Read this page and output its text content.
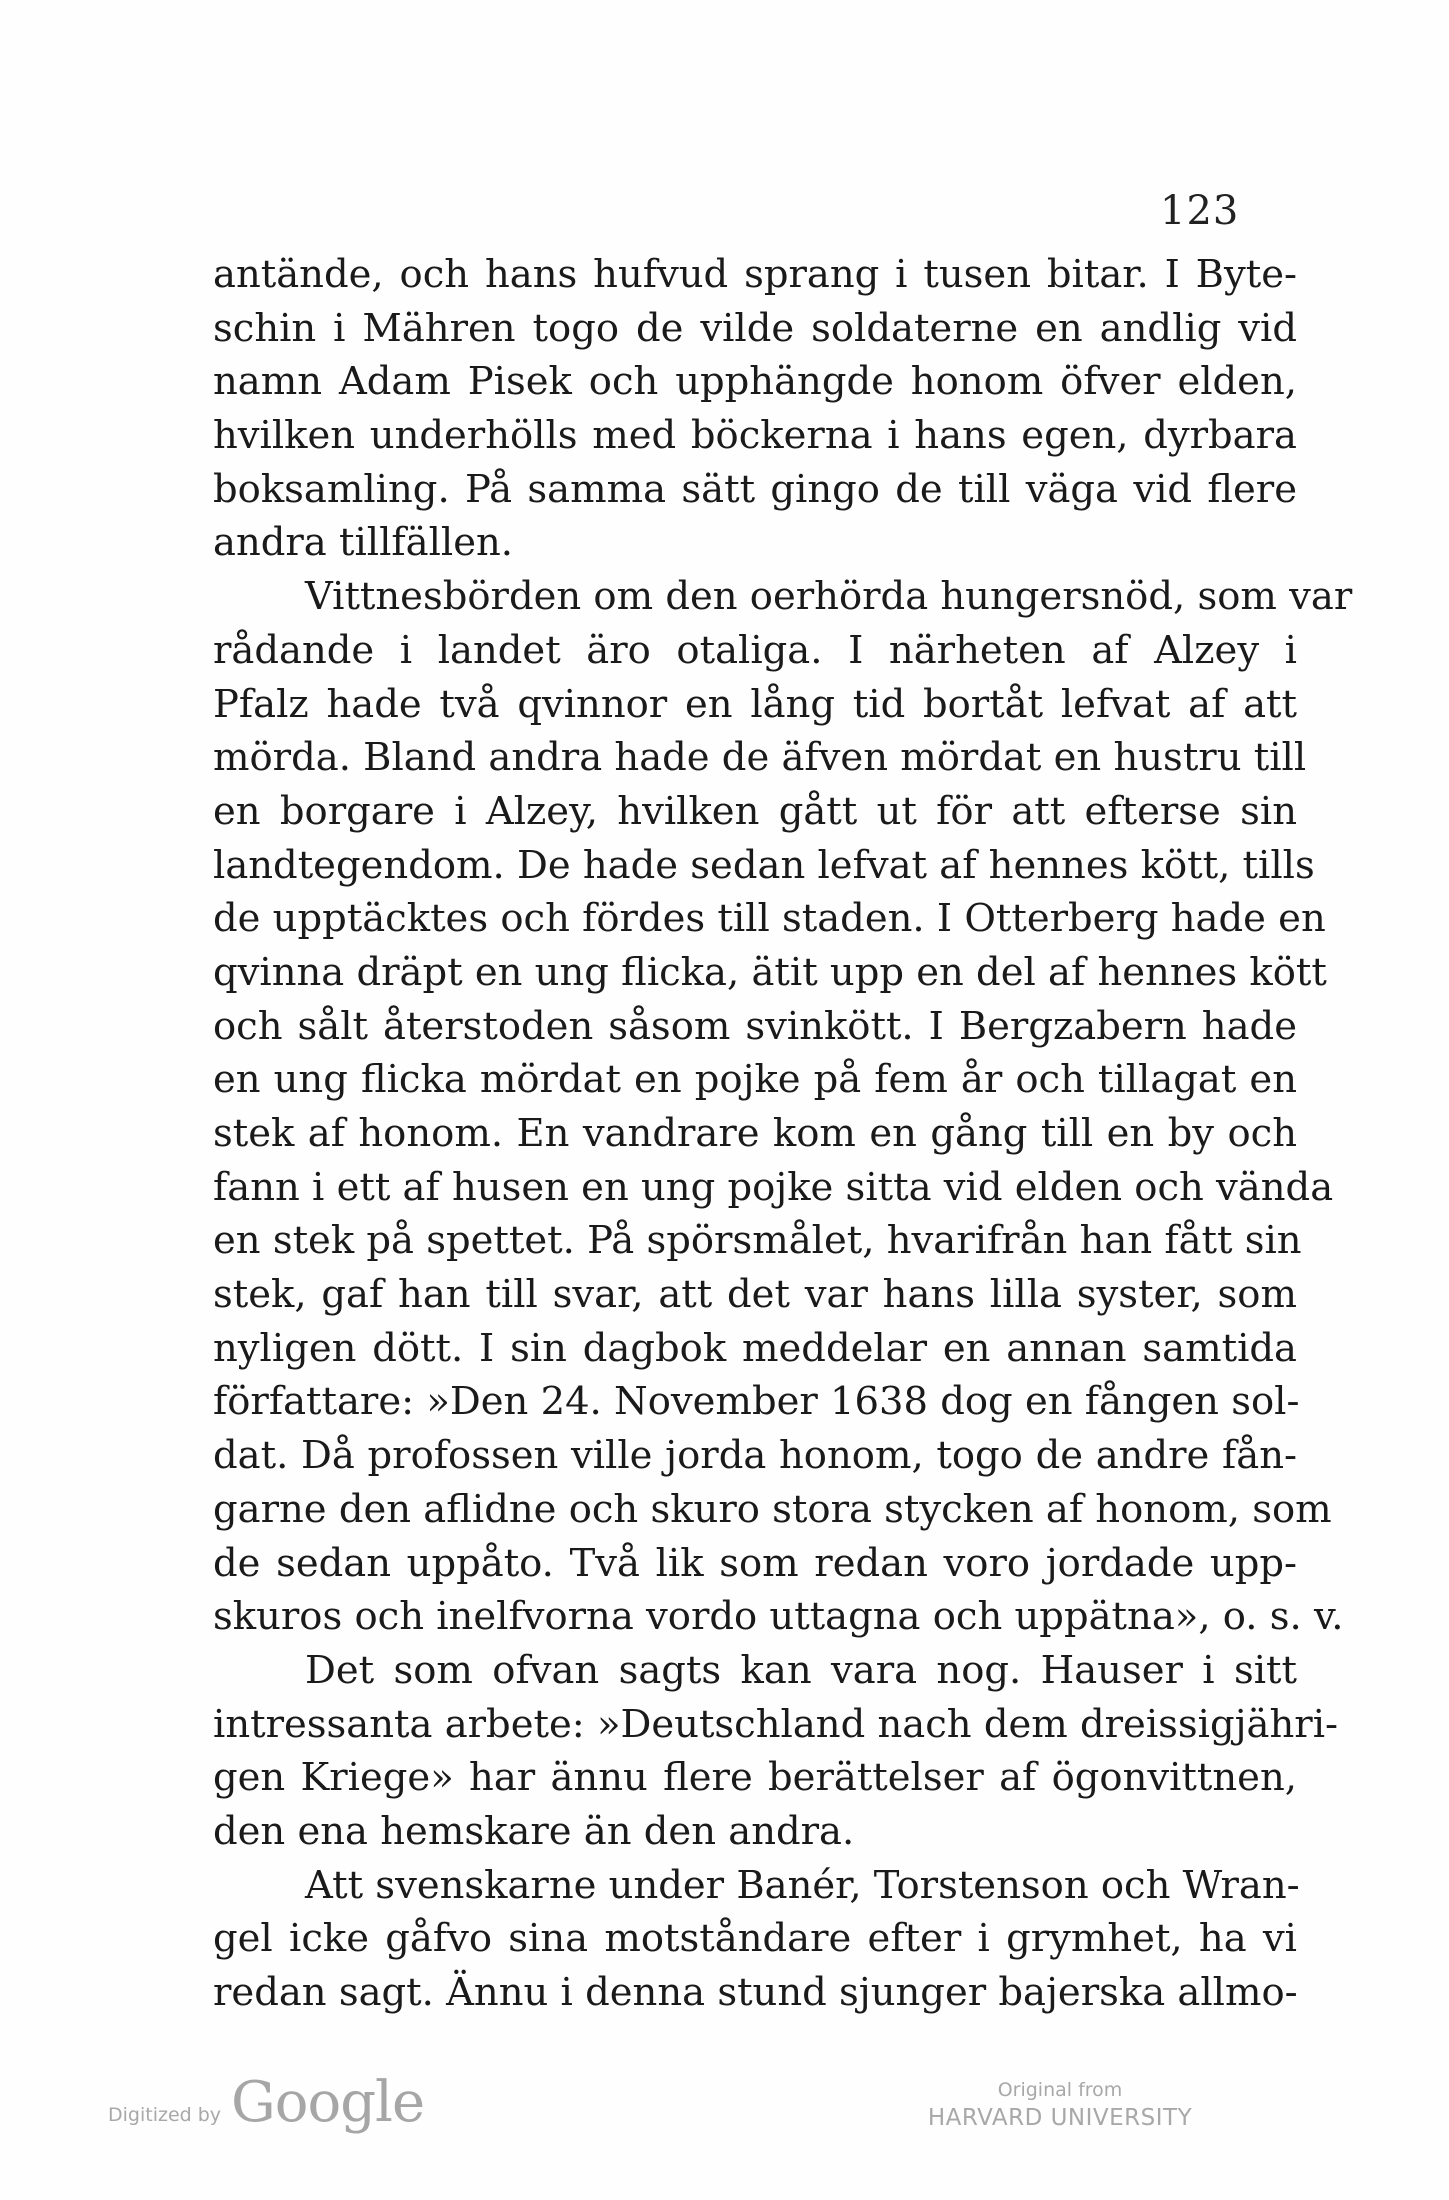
123
antände, och hans hufvud sprang i tusen bitar. I Byte-
schin i Mähren togo de vilde soldaterne en andlig vid
namn Adam Pisek och upphängde honom öfver elden,
hvilken underhölls med böckerna i hans egen, dyrbara
boksamling. På samma sätt gingo de till väga vid flere
andra tillfällen.
Vittnesbörden om den oerhörda hungersnöd, som var
rådande i landet äro otaliga. I närheten af Alzey i
Pfalz hade två qvinnor en lång tid bortåt lefvat af att
mörda. Bland andra hade de äfven mördat en hustru till
en borgare i Alzey, hvilken gått ut för att efterse sin
landtegendom. De hade sedan lefvat af hennes kött, tills
de upptäcktes och fördes till staden. I Otterberg hade en
qvinna dräpt en ung flicka, ätit upp en del af hennes kött
och sålt återstoden såsom svinkött. I Bergzabern hade
en ung flicka mördat en pojke på fem år och tillagat en
stek af honom. En vandrare kom en gång till en by och
fann i ett af husen en ung pojke sitta vid elden och vända
en stek på spettet. På spörsmålet, hvarifrån han fått sin
stek, gaf han till svar, att det var hans lilla syster, som
nyligen dött. I sin dagbok meddelar en annan samtida
författare: »Den 24. November 1638 dog en fången sol-
dat. Då profossen ville jorda honom, togo de andre fån-
garne den aflidne och skuro stora stycken af honom, som
de sedan uppåto. Två lik som redan voro jordade upp-
skuros och inelfvorna vordo uttagna och uppätna», o. s. v.
Det som ofvan sagts kan vara nog. Hauser i sitt
intressanta arbete: »Deutschland nach dem dreissigjähri-
gen Kriege» har ännu flere berättelser af ögonvittnen,
den ena hemskare än den andra.
Att svenskarne under Banér, Torstenson och Wran-
gel icke gåfvo sina motståndare efter i grymhet, ha vi
redan sagt. Ännu i denna stund sjunger bajerska allmo-
Digitized by Google	Original from
HARVARD UNIVERSITY
